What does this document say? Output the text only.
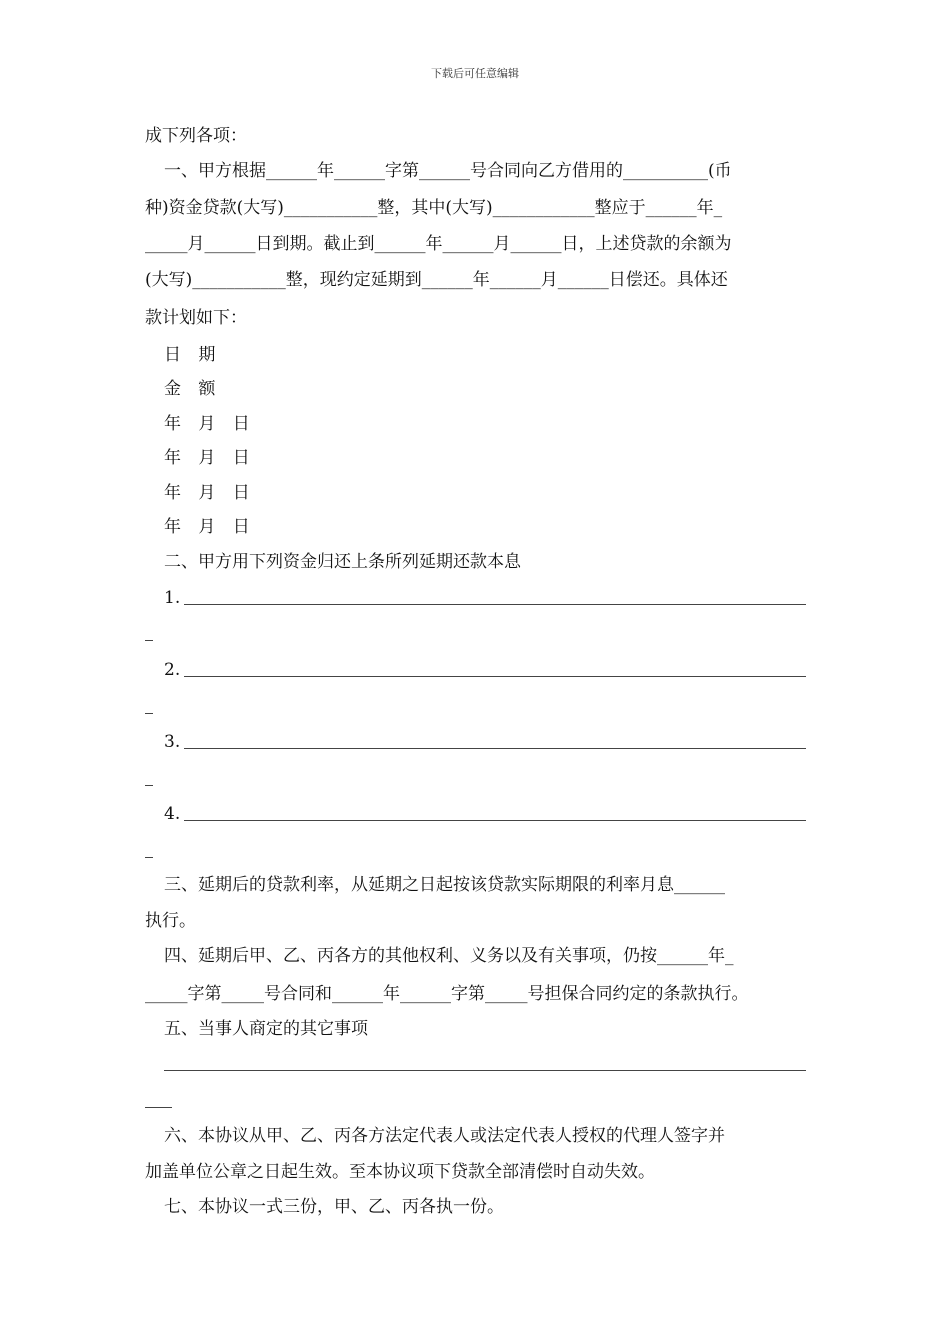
下载后可任意编辑
成下列各项：
一、甲方根据______年______字第______号合同向乙方借用的__________(币
种)资金贷款(大写)___________整，其中(大写)____________整应于______年_
_____月______日到期。截止到______年______月______日，上述贷款的余额为
(大写)___________整，现约定延期到______年______月______日偿还。具体还
款计划如下：
日 期
金 额
年 月 日
年 月 日
年 月 日
年 月 日
二、甲方用下列资金归还上条所列延期还款本息
1.
2.
3.
4.
三、延期后的贷款利率，从延期之日起按该贷款实际期限的利率月息______
执行。
四、延期后甲、乙、丙各方的其他权利、义务以及有关事项，仍按______年_
_____字第_____号合同和______年______字第_____号担保合同约定的条款执行。
五、当事人商定的其它事项
六、本协议从甲、乙、丙各方法定代表人或法定代表人授权的代理人签字并
加盖单位公章之日起生效。至本协议项下贷款全部清偿时自动失效。
七、本协议一式三份，甲、乙、丙各执一份。
